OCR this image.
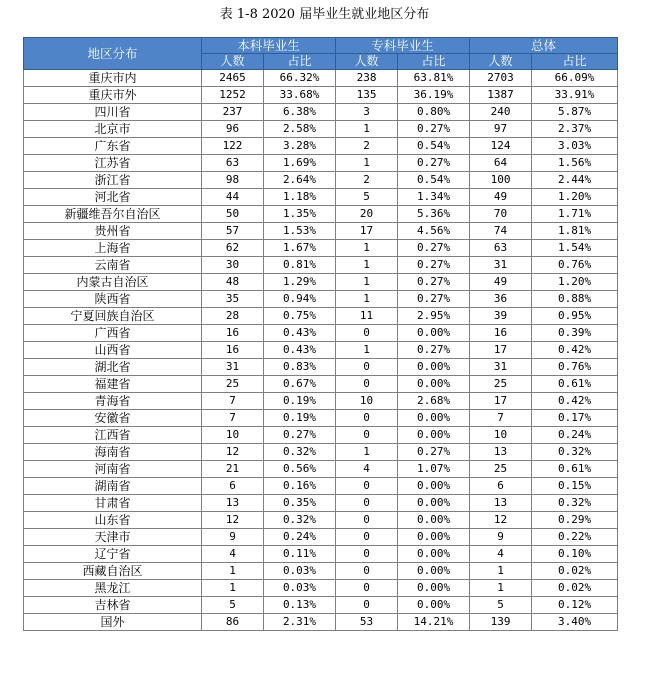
表 1-8 2020 届毕业生就业地区分布
地区分布	本科毕业生		专科毕业生		总体	
	人数	占比	人数	占比	人数	占比
重庆市内	2465	66.32%	238	63.81%	2703	66.09%
重庆市外	1252	33.68%	135	36.19%	1387	33.91%
四川省	237	6.38%	3	0.80%	240	5.87%
北京市	96	2.58%	1	0.27%	97	2.37%
广东省	122	3.28%	2	0.54%	124	3.03%
江苏省	63	1.69%	1	0.27%	64	1.56%
浙江省	98	2.64%	2	0.54%	100	2.44%
河北省	44	1.18%	5	1.34%	49	1.20%
新疆维吾尔自治区	50	1.35%	20	5.36%	70	1.71%
贵州省	57	1.53%	17	4.56%	74	1.81%
上海省	62	1.67%	1	0.27%	63	1.54%
云南省	30	0.81%	1	0.27%	31	0.76%
内蒙古自治区	48	1.29%	1	0.27%	49	1.20%
陕西省	35	0.94%	1	0.27%	36	0.88%
宁夏回族自治区	28	0.75%	11	2.95%	39	0.95%
广西省	16	0.43%	0	0.00%	16	0.39%
山西省	16	0.43%	1	0.27%	17	0.42%
湖北省	31	0.83%	0	0.00%	31	0.76%
福建省	25	0.67%	0	0.00%	25	0.61%
青海省	7	0.19%	10	2.68%	17	0.42%
安徽省	7	0.19%	0	0.00%	7	0.17%
江西省	10	0.27%	0	0.00%	10	0.24%
海南省	12	0.32%	1	0.27%	13	0.32%
河南省	21	0.56%	4	1.07%	25	0.61%
湖南省	6	0.16%	0	0.00%	6	0.15%
甘肃省	13	0.35%	0	0.00%	13	0.32%
山东省	12	0.32%	0	0.00%	12	0.29%
天津市	9	0.24%	0	0.00%	9	0.22%
辽宁省	4	0.11%	0	0.00%	4	0.10%
西藏自治区	1	0.03%	0	0.00%	1	0.02%
黑龙江	1	0.03%	0	0.00%	1	0.02%
吉林省	5	0.13%	0	0.00%	5	0.12%
国外	86	2.31%	53	14.21%	139	3.40%
